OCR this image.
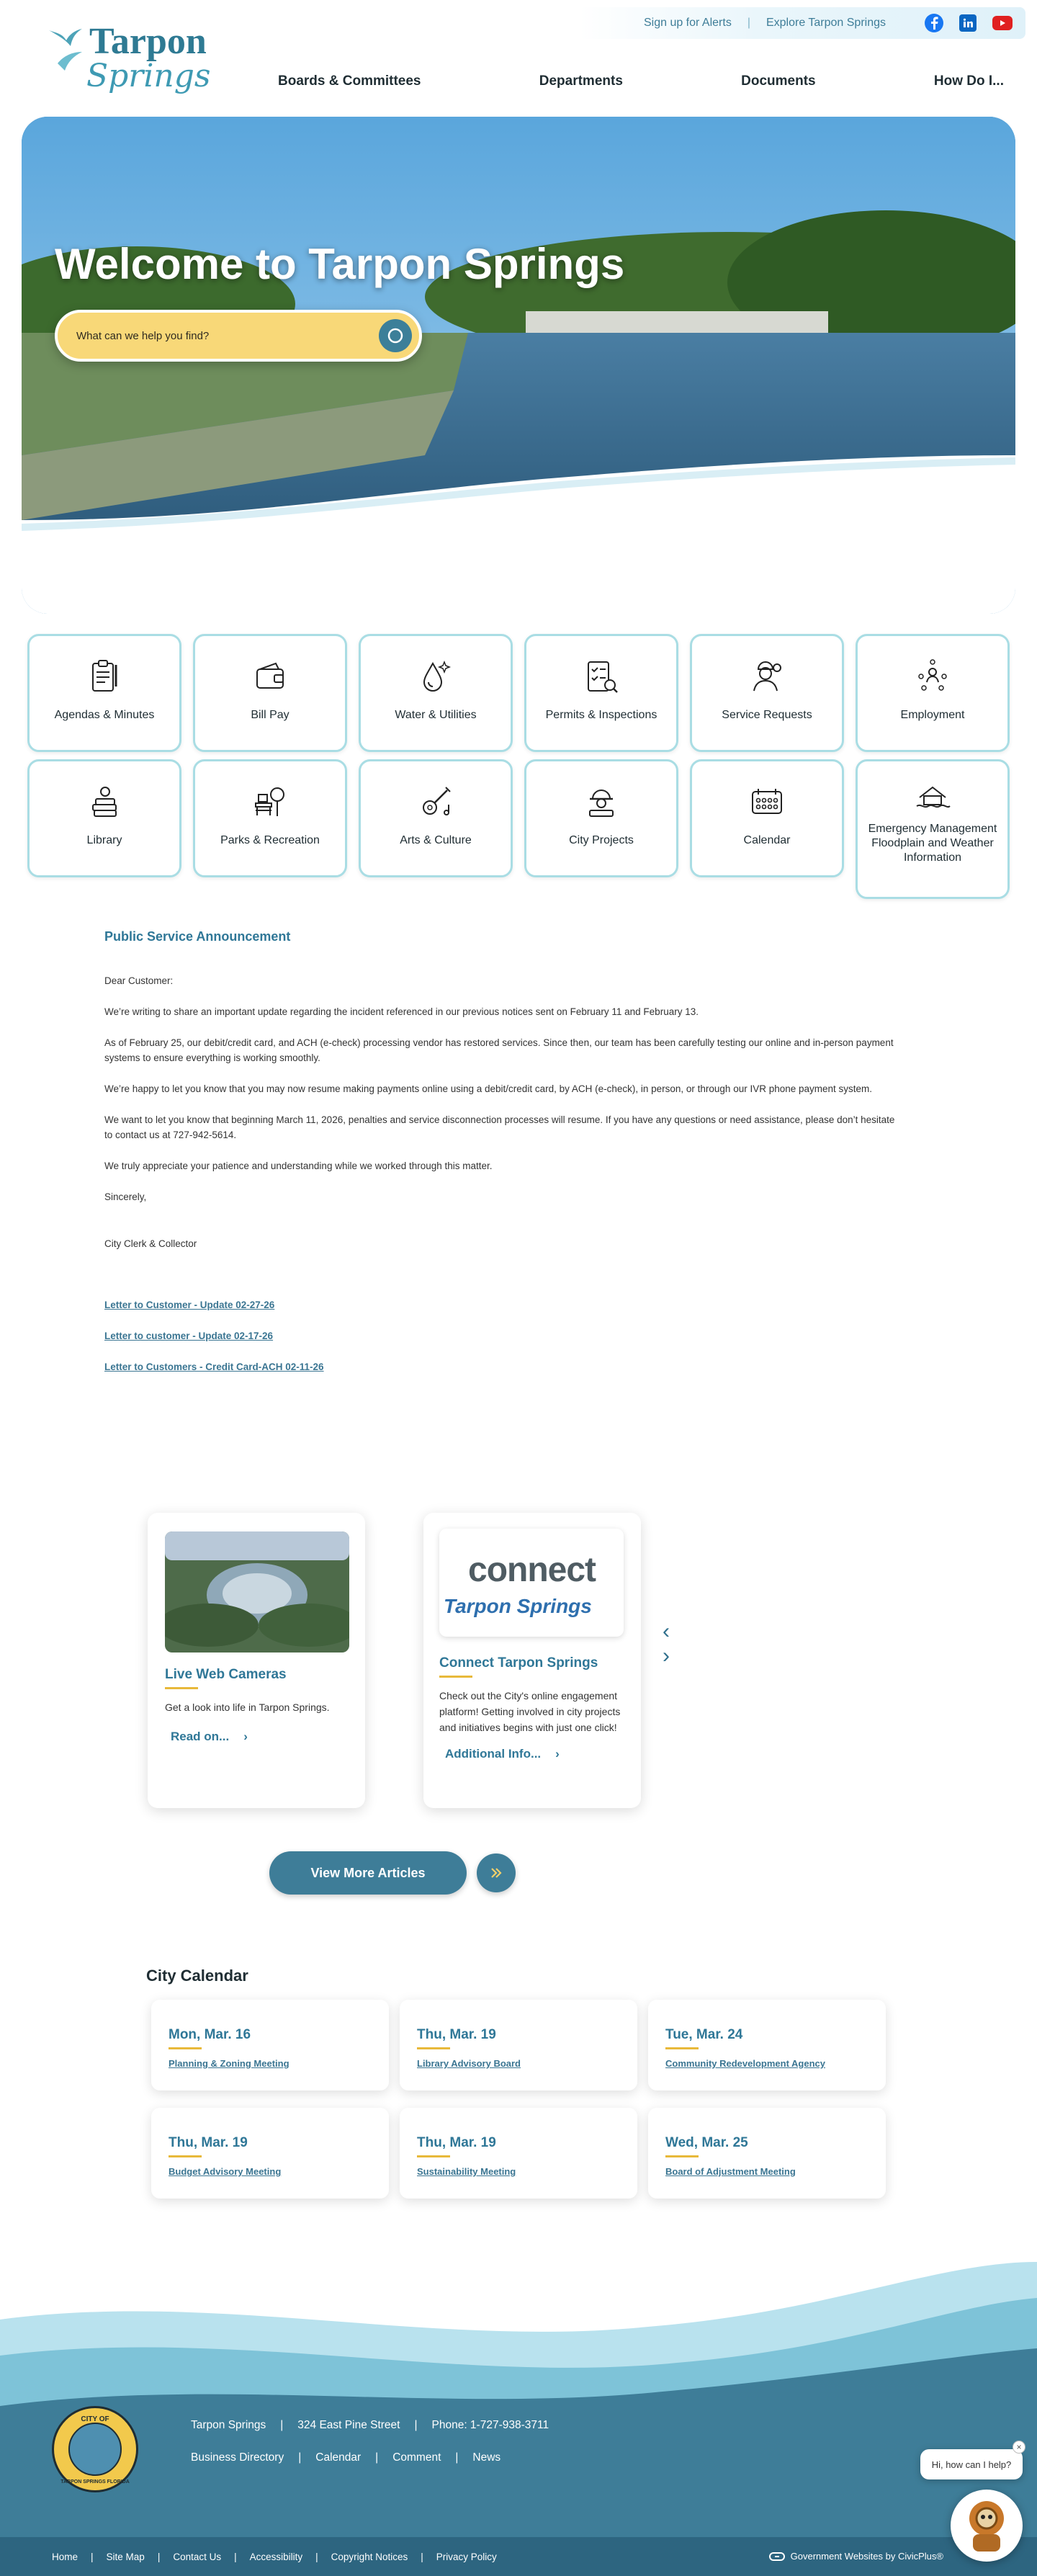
Sign up for Alerts | Explore Tarpon Springs
Tarpon
Springs	Boards & Committees	Departments	Documents	How Do I...
Welcome to Tarpon Springs
What can we help you find?
Agendas & Minutes	Bill Pay	Water & Utilities	Permits & Inspections	Service Requests	Employment
Library	Parks & Recreation	Arts & Culture	City Projects	Calendar
Emergency Management Floodplain and Weather Information
Public Service Announcement

Dear Customer:

We’re writing to share an important update regarding the incident referenced in our previous notices sent on February 11 and February 13.

As of February 25, our debit/credit card, and ACH (e-check) processing vendor has restored services. Since then, our team has been carefully testing our online and in-person payment systems to ensure everything is working smoothly.

We’re happy to let you know that you may now resume making payments online using a debit/credit card, by ACH (e-check), in person, or through our IVR phone payment system.

We want to let you know that beginning March 11, 2026, penalties and service disconnection processes will resume. If you have any questions or need assistance, please don’t hesitate to contact us at 727-942-5614.

We truly appreciate your patience and understanding while we worked through this matter.

Sincerely,

City Clerk & Collector

Letter to Customer - Update 02-27-26
Letter to customer - Update 02-17-26
Letter to Customers - Credit Card-ACH 02-11-26
Live Web Cameras
Get a look into life in Tarpon Springs.
Read on... ›
connect
Tarpon Springs
Connect Tarpon Springs
Check out the City's online engagement platform! Getting involved in city projects and initiatives begins with just one click!
Additional Info... ›
‹
›
View More Articles
City Calendar
Mon, Mar. 16
Planning & Zoning Meeting
Thu, Mar. 19
Library Advisory Board
Tue, Mar. 24
Community Redevelopment Agency
Thu, Mar. 19
Budget Advisory Meeting
Thu, Mar. 19
Sustainability Meeting
Wed, Mar. 25
Board of Adjustment Meeting
CITY OF
TARPON SPRINGS FLORIDA
Tarpon Springs | 324 East Pine Street | Phone: 1-727-938-3711
Business Directory | Calendar | Comment | News
Home | Site Map | Contact Us | Accessibility | Copyright Notices | Privacy Policy	Government Websites by CivicPlus®
Hi, how can I help?
×
